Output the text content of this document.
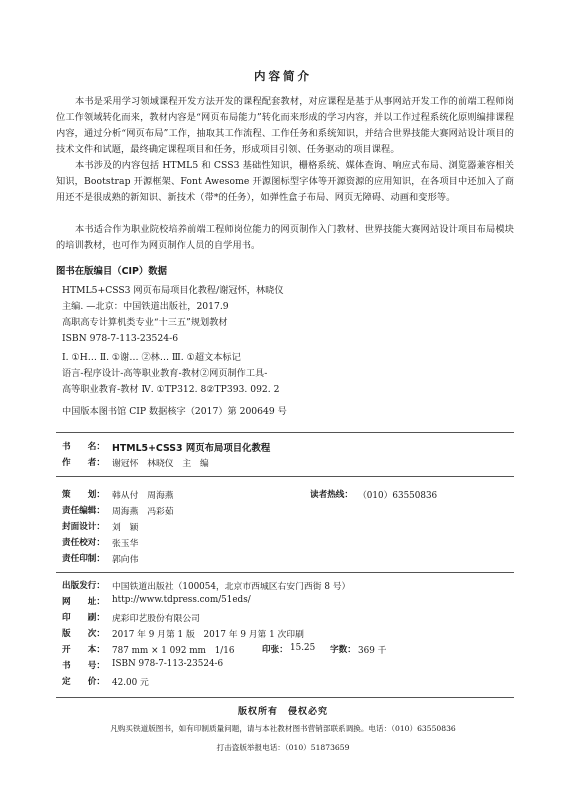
内容简介
本书是采用学习领域课程开发方法开发的课程配套教材，对应课程是基于从事网站开发工作的前端工程师岗位工作领域转化而来，教材内容是“网页布局能力”转化而来形成的学习内容，并以工作过程系统化原则编排课程内容，通过分析“网页布局”工作，抽取其工作流程、工作任务和系统知识，并结合世界技能大赛网站设计项目的技术文件和试题，最终确定课程项目和任务，形成项目引领、任务驱动的项目课程。
本书涉及的内容包括 HTML5 和 CSS3 基础性知识，栅格系统、媒体查询、响应式布局、浏览器兼容相关知识，Bootstrap 开源框架、Font Awesome 开源图标型字体等开源资源的应用知识，在各项目中还加入了商用还不是很成熟的新知识、新技术（带*的任务），如弹性盒子布局、网页无障碍、动画和变形等。
本书适合作为职业院校培养前端工程师岗位能力的网页制作入门教材、世界技能大赛网站设计项目布局模块的培训教材，也可作为网页制作人员的自学用书。
图书在版编目（CIP）数据
HTML5+CSS3 网页布局项目化教程/谢冠怀，林晓仪
主编. —北京：中国铁道出版社，2017.9
高职高专计算机类专业“十三五”规划教材
ISBN 978-7-113-23524-6
Ⅰ. ①H… Ⅱ. ①谢… ②林… Ⅲ. ①超文本标记
语言-程序设计-高等职业教育-教材②网页制作工具-
高等职业教育-教材 Ⅳ. ①TP312. 8②TP393. 092. 2
中国版本图书馆 CIP 数据核字（2017）第 200649 号
书　　名： HTML5+CSS3 网页布局项目化教程
作　　者： 谢冠怀　林晓仪　主　编
策　　划： 韩从付　周海燕	读者热线： （010）63550836
责任编辑： 周海燕　冯彩茹
封面设计： 刘　颖
责任校对： 张玉华
责任印制： 郭向伟
出版发行： 中国铁道出版社（100054，北京市西城区右安门西街 8 号）
网　　址： http://www.tdpress.com/51eds/
印　　刷： 虎彩印艺股份有限公司
版　　次： 2017 年 9 月第 1 版　2017 年 9 月第 1 次印刷
开　　本： 787 mm × 1 092 mm　1/16	印张： 15.25 字数： 369 千
书　　号： ISBN 978-7-113-23524-6
定　　价： 42.00 元
版权所有　侵权必究
凡购买铁道版图书，如有印制质量问题，请与本社教材图书营销部联系调换。电话：（010）63550836
打击盗版举报电话：（010）51873659
